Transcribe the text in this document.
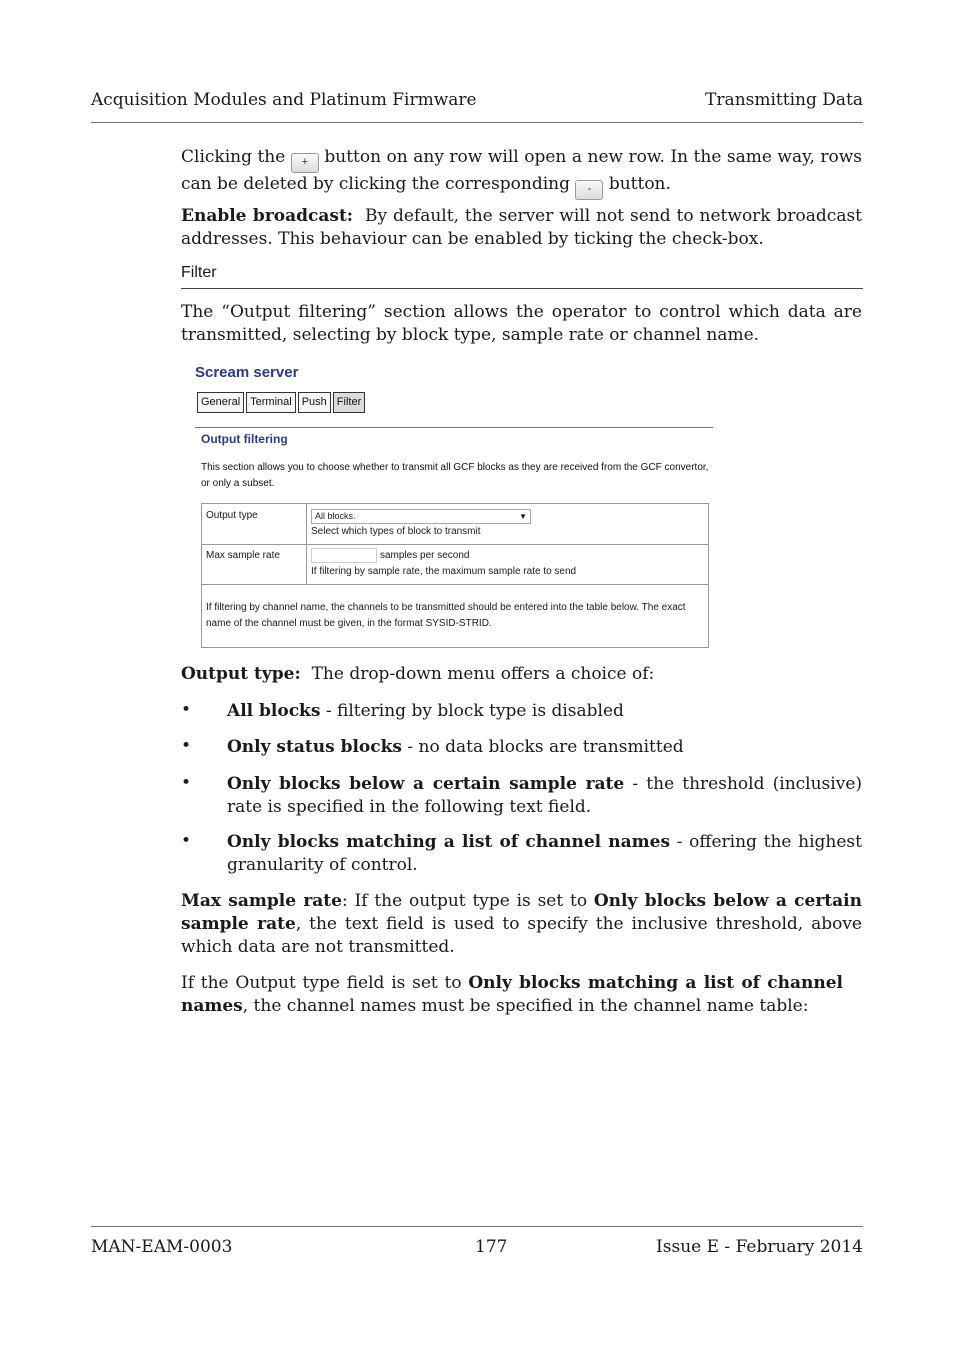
Acquisition Modules and Platinum Firmware	Transmitting Data
Clicking the + button on any row will open a new row. In the same way, rows can be deleted by clicking the corresponding - button.
Enable broadcast: By default, the server will not send to network broadcast addresses. This behaviour can be enabled by ticking the check-box.
Filter
The “Output filtering” section allows the operator to control which data are transmitted, selecting by block type, sample rate or channel name.
Scream server
General Terminal Push Filter
Output filtering
This section allows you to choose whether to transmit all GCF blocks as they are received from the GCF convertor, or only a subset.
Output type	All blocks.	▼
Select which types of block to transmit
Max sample rate	samples per second
If filtering by sample rate, the maximum sample rate to send
If filtering by channel name, the channels to be transmitted should be entered into the table below. The exact name of the channel must be given, in the format SYSID-STRID.
Output type: The drop-down menu offers a choice of:
• All blocks - filtering by block type is disabled
• Only status blocks - no data blocks are transmitted
• Only blocks below a certain sample rate - the threshold (inclusive) rate is specified in the following text field.
• Only blocks matching a list of channel names - offering the highest granularity of control.
Max sample rate: If the output type is set to Only blocks below a certain sample rate, the text field is used to specify the inclusive threshold, above which data are not transmitted.
If the Output type field is set to Only blocks matching a list of channel names, the channel names must be specified in the channel name table:
MAN-EAM-0003	177	Issue E - February 2014
